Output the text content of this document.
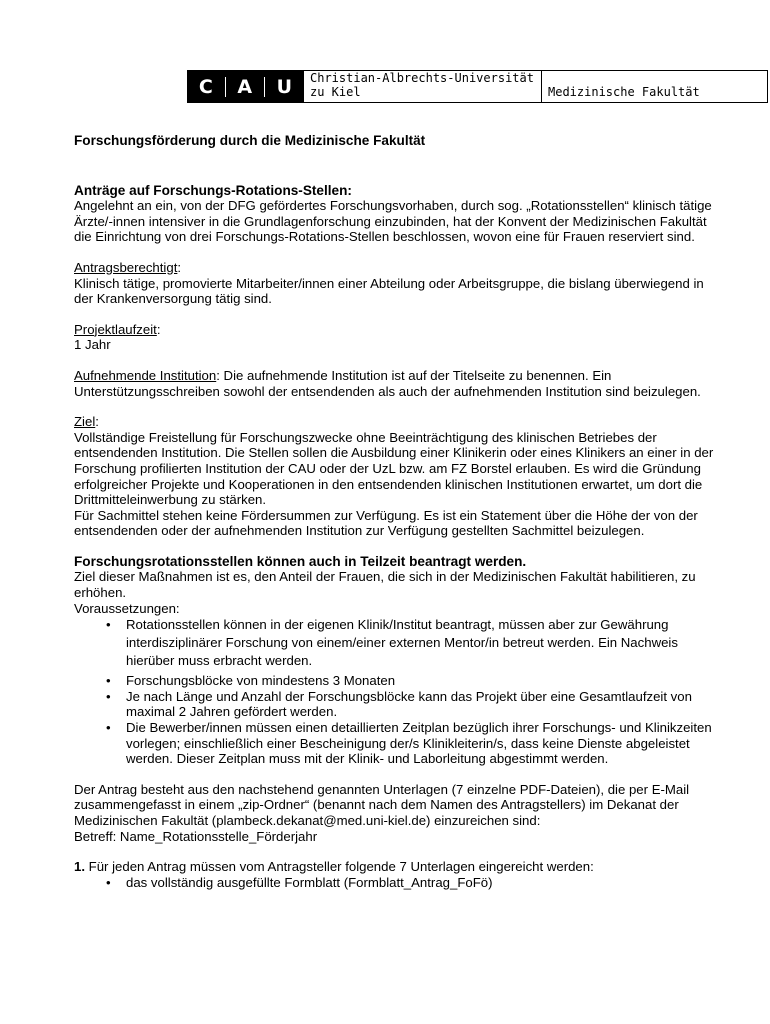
C A U	Christian-Albrechts-Universität zu Kiel	Medizinische Fakultät

Forschungsförderung durch die Medizinische Fakultät

Anträge auf Forschungs-Rotations-Stellen:

Angelehnt an ein, von der DFG gefördertes Forschungsvorhaben, durch sog. „Rotationsstellen“ klinisch tätige Ärzte/-innen intensiver in die Grundlagenforschung einzubinden, hat der Konvent der Medizinischen Fakultät die Einrichtung von drei Forschungs-Rotations-Stellen beschlossen, wovon eine für Frauen reserviert sind.

Antragsberechtigt:

Klinisch tätige, promovierte Mitarbeiter/innen einer Abteilung oder Arbeitsgruppe, die bislang überwiegend in der Krankenversorgung tätig sind.

Projektlaufzeit:

1 Jahr

Aufnehmende Institution: Die aufnehmende Institution ist auf der Titelseite zu benennen. Ein Unterstützungsschreiben sowohl der entsendenden als auch der aufnehmenden Institution sind beizulegen.

Ziel:

Vollständige Freistellung für Forschungszwecke ohne Beeinträchtigung des klinischen Betriebes der entsendenden Institution. Die Stellen sollen die Ausbildung einer Klinikerin oder eines Klinikers an einer in der Forschung profilierten Institution der CAU oder der UzL bzw. am FZ Borstel erlauben. Es wird die Gründung erfolgreicher Projekte und Kooperationen in den entsendenden klinischen Institutionen erwartet, um dort die Drittmitteleinwerbung zu stärken.

Für Sachmittel stehen keine Fördersummen zur Verfügung. Es ist ein Statement über die Höhe der von der entsendenden oder der aufnehmenden Institution zur Verfügung gestellten Sachmittel beizulegen.

Forschungsrotationsstellen können auch in Teilzeit beantragt werden.

Ziel dieser Maßnahmen ist es, den Anteil der Frauen, die sich in der Medizinischen Fakultät habilitieren, zu erhöhen.

Voraussetzungen:

• Rotationsstellen können in der eigenen Klinik/Institut beantragt, müssen aber zur Gewährung interdisziplinärer Forschung von einem/einer externen Mentor/in betreut werden. Ein Nachweis hierüber muss erbracht werden.
• Forschungsblöcke von mindestens 3 Monaten
• Je nach Länge und Anzahl der Forschungsblöcke kann das Projekt über eine Gesamtlaufzeit von maximal 2 Jahren gefördert werden.
• Die Bewerber/innen müssen einen detaillierten Zeitplan bezüglich ihrer Forschungs- und Klinikzeiten vorlegen; einschließlich einer Bescheinigung der/s Klinikleiterin/s, dass keine Dienste abgeleistet werden. Dieser Zeitplan muss mit der Klinik- und Laborleitung abgestimmt werden.

Der Antrag besteht aus den nachstehend genannten Unterlagen (7 einzelne PDF-Dateien), die per E-Mail zusammengefasst in einem „zip-Ordner“ (benannt nach dem Namen des Antragstellers) im Dekanat der Medizinischen Fakultät (plambeck.dekanat@med.uni-kiel.de) einzureichen sind:

Betreff: Name_Rotationsstelle_Förderjahr

1. Für jeden Antrag müssen vom Antragsteller folgende 7 Unterlagen eingereicht werden:

• das vollständig ausgefüllte Formblatt (Formblatt_Antrag_FoFö)
